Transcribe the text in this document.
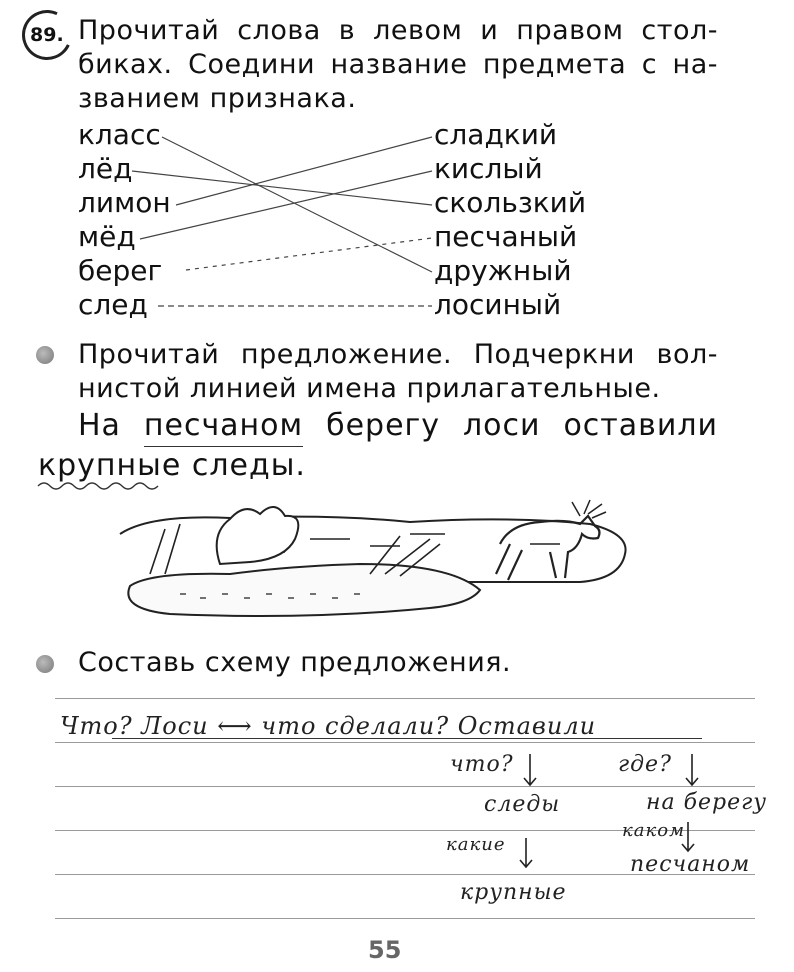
89. Прочитай слова в левом и правом стол-
биках. Соедини название предмета с на-
званием признака.
класс
лёд
лимон
мёд
берег
след
сладкий
кислый
скользкий
песчаный
дружный
лосиный
Прочитай предложение. Подчеркни вол-
нистой линией имена прилагательные.
На песчаном берегу лоси оставили
крупные следы.
Составь схему предложения.
Что? Лоси ⟷ что сделали? Оставили
что?	где?
следы	на берегу
какие
каком
песчаном
крупные
55
